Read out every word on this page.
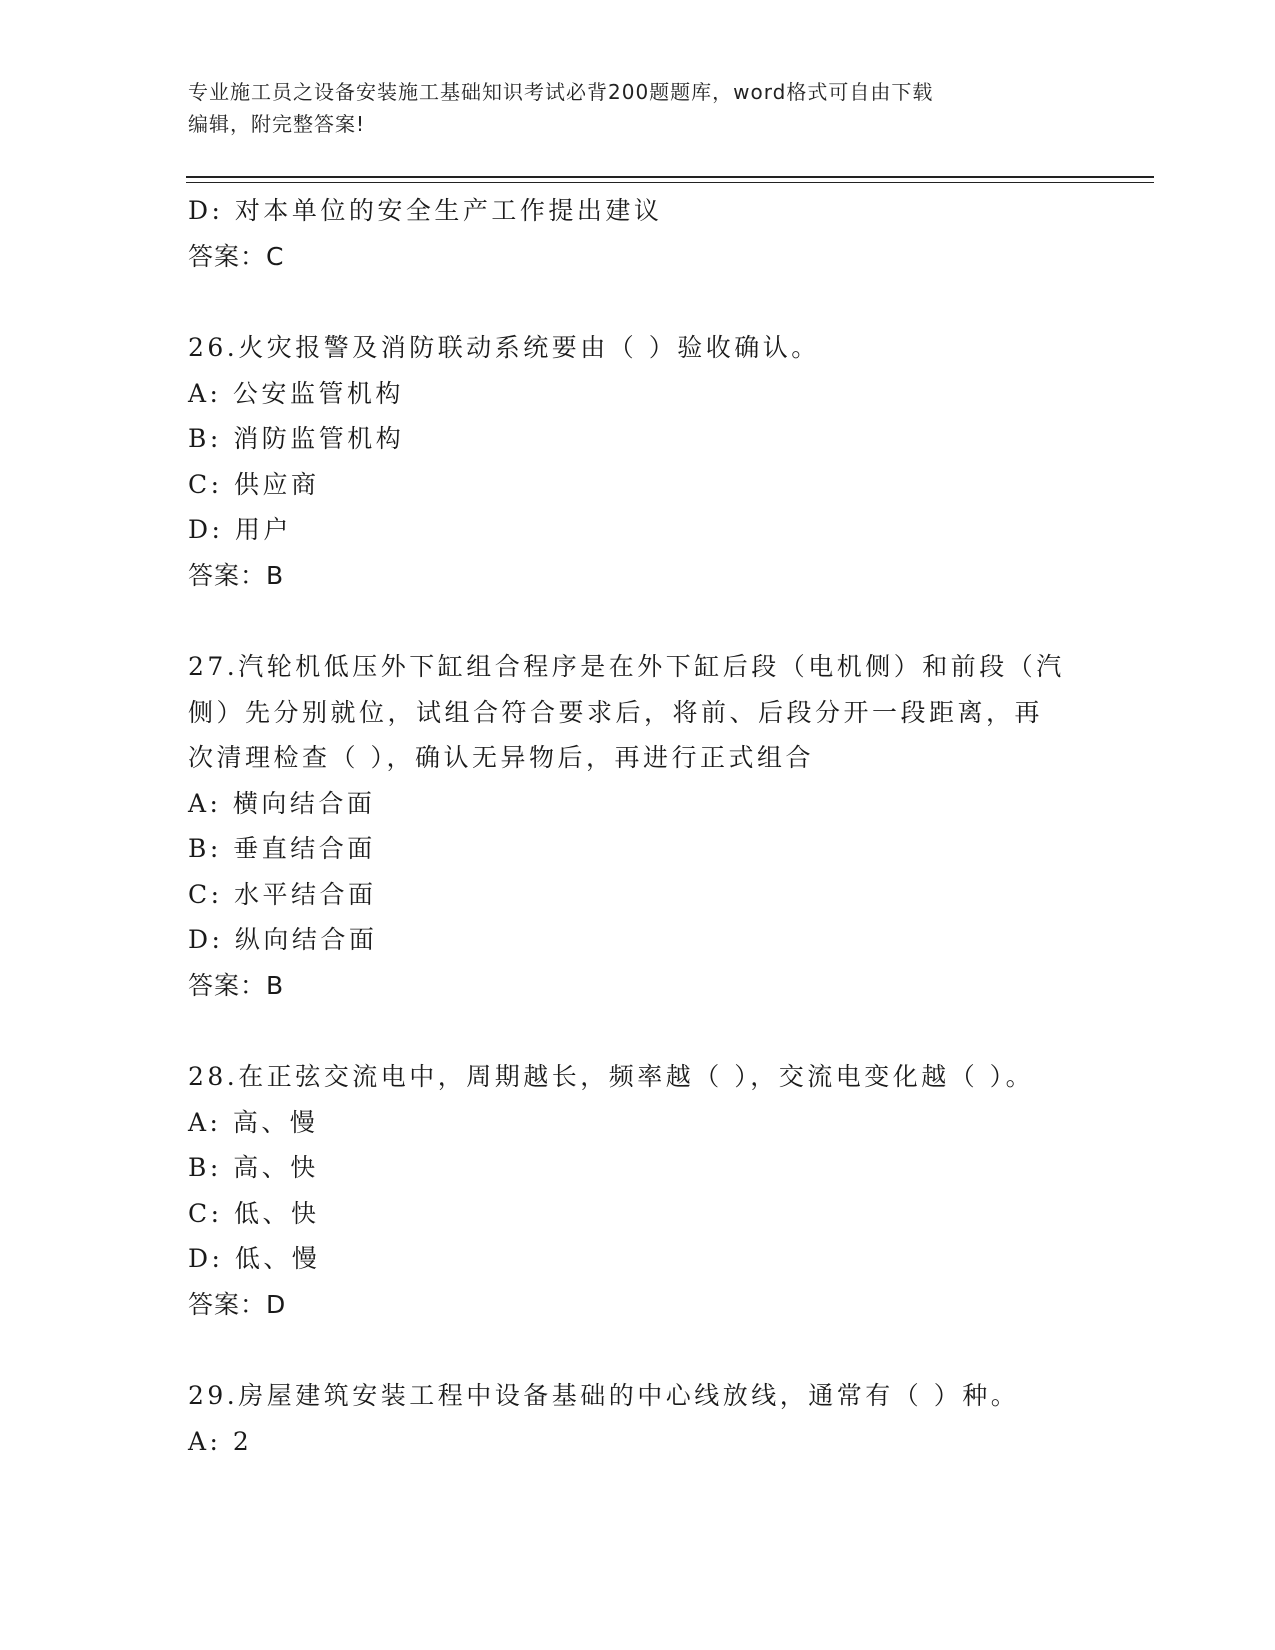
专业施工员之设备安装施工基础知识考试必背200题题库，word格式可自由下载
编辑，附完整答案!
D: 对本单位的安全生产工作提出建议
答案：C
26.火灾报警及消防联动系统要由（ ）验收确认。
A: 公安监管机构
B: 消防监管机构
C: 供应商
D: 用户
答案：B
27.汽轮机低压外下缸组合程序是在外下缸后段（电机侧）和前段（汽
侧）先分别就位，试组合符合要求后，将前、后段分开一段距离，再
次清理检查（ ），确认无异物后，再进行正式组合
A: 横向结合面
B: 垂直结合面
C: 水平结合面
D: 纵向结合面
答案：B
28.在正弦交流电中，周期越长，频率越（ ），交流电变化越（ ）。
A: 高、慢
B: 高、快
C: 低、快
D: 低、慢
答案：D
29.房屋建筑安装工程中设备基础的中心线放线，通常有（ ）种。
A: 2
